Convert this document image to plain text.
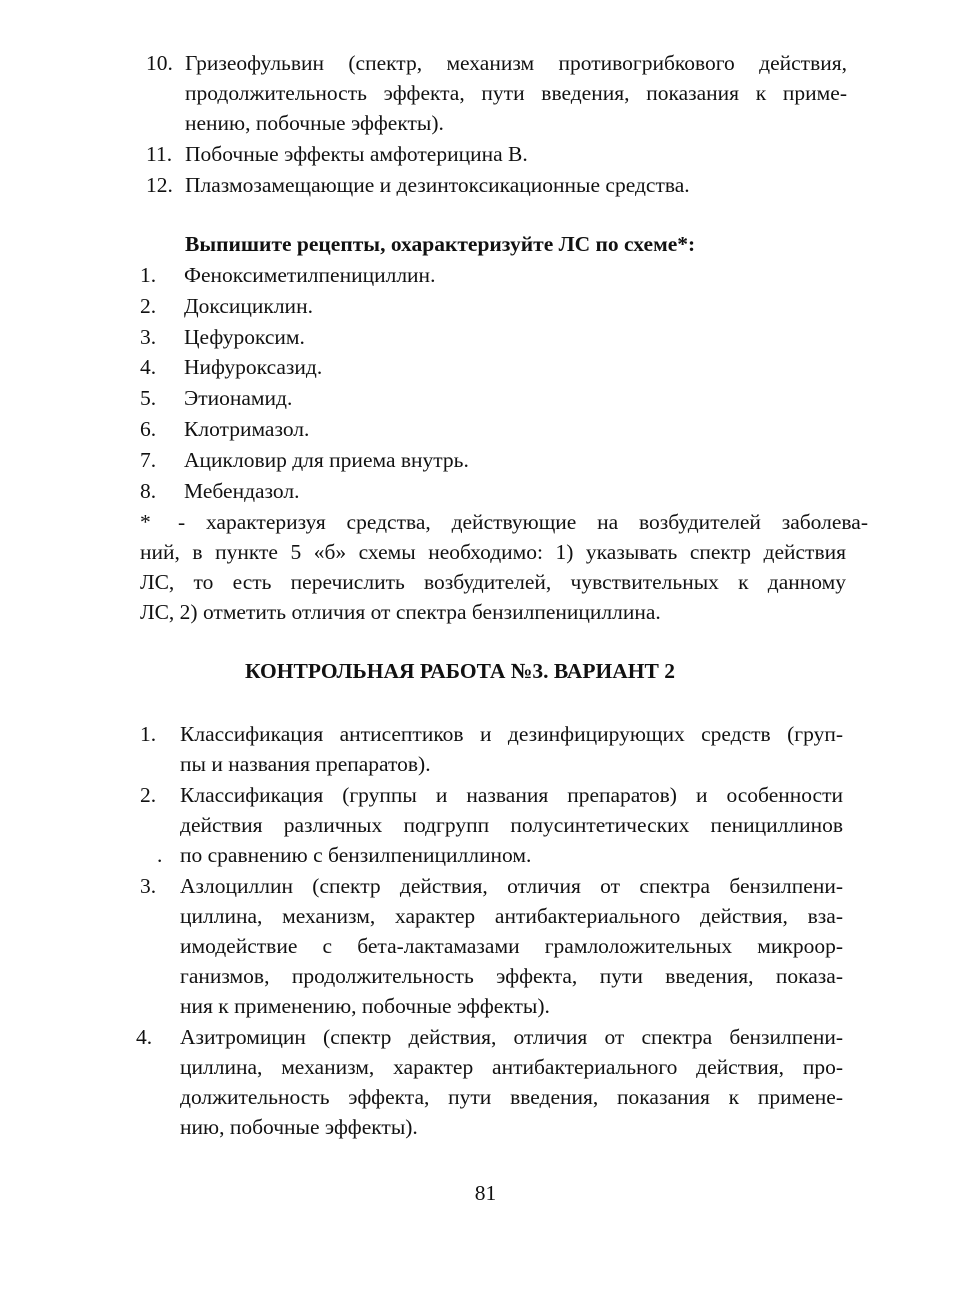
10. Гризеофульвин (спектр, механизм противогрибкового действия,
продолжительность эффекта, пути введения, показания к приме-
нению, побочные эффекты).
11. Побочные эффекты амфотерицина В.
12. Плазмозамещающие и дезинтоксикационные средства.
Выпишите рецепты, охарактеризуйте ЛС по схеме*:
1. Феноксиметилпенициллин.
2. Доксициклин.
3. Цефуроксим.
4. Нифуроксазид.
5. Этионамид.
6. Клотримазол.
7. Ацикловир для приема внутрь.
8. Мебендазол.
* - характеризуя средства, действующие на возбудителей заболева-
ний, в пункте 5 «б» схемы необходимо: 1) указывать спектр действия
ЛС, то есть перечислить возбудителей, чувствительных к данному
ЛС, 2) отметить отличия от спектра бензилпенициллина.
КОНТРОЛЬНАЯ РАБОТА №3. ВАРИАНТ 2
1. Классификация антисептиков и дезинфицирующих средств (груп-
пы и названия препаратов).
2. Классификация (группы и названия препаратов) и особенности
действия различных подгрупп полусинтетических пенициллинов
. по сравнению с бензилпенициллином.
3. Азлоциллин (спектр действия, отличия от спектра бензилпени-
циллина, механизм, характер антибактериального действия, вза-
имодействие с бета-лактамазами грамлоложительных микроор-
ганизмов, продолжительность эффекта, пути введения, показа-
ния к применению, побочные эффекты).
4. Азитромицин (спектр действия, отличия от спектра бензилпени-
циллина, механизм, характер антибактериального действия, про-
должительность эффекта, пути введения, показания к примене-
нию, побочные эффекты).
81
